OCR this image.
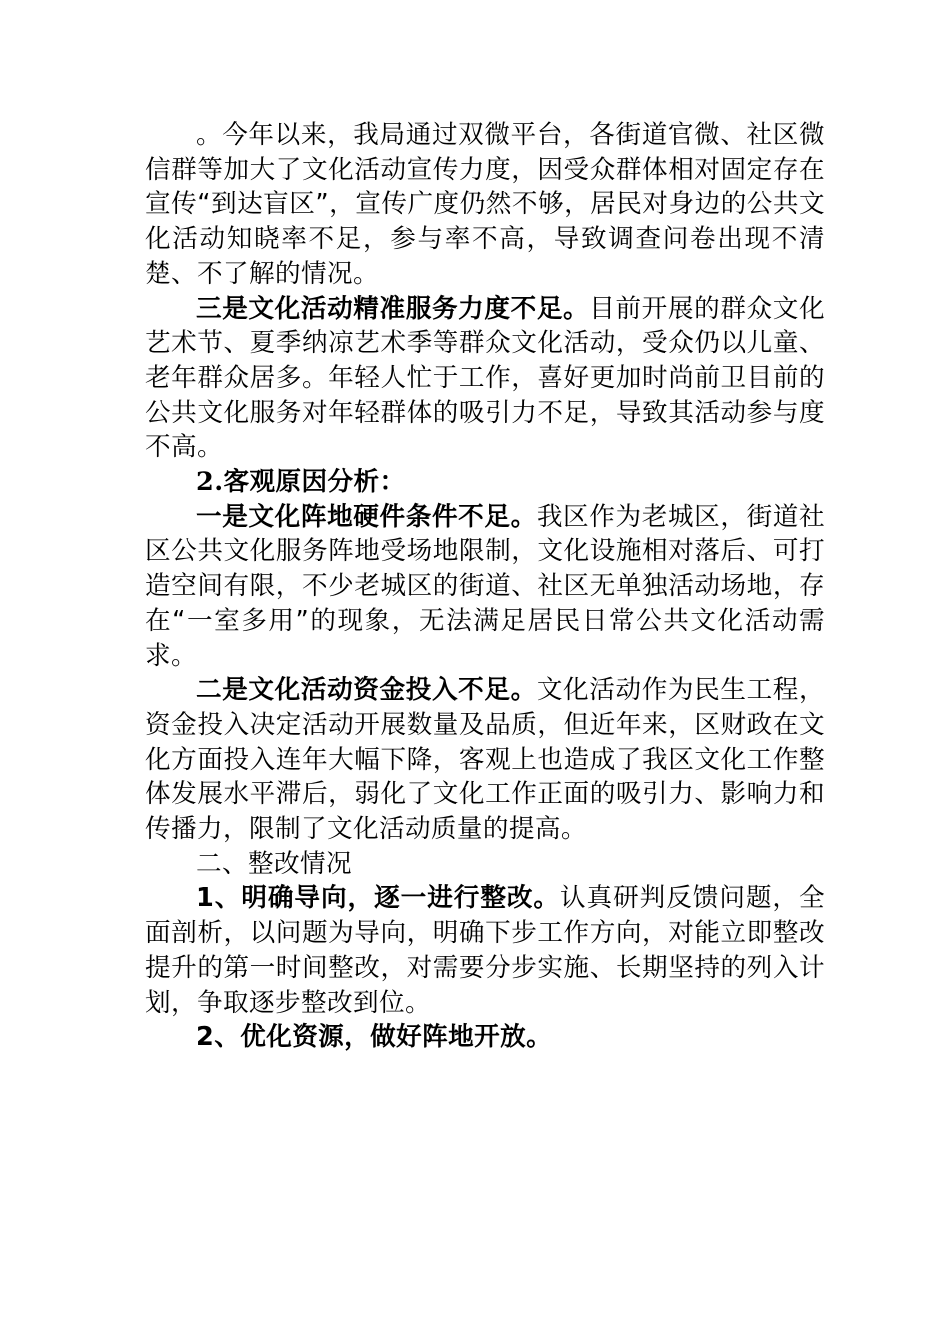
。今年以来，我局通过双微平台，各街道官微、社区微信群等加大了文化活动宣传力度，因受众群体相对固定存在宣传“到达盲区”，宣传广度仍然不够，居民对身边的公共文化活动知晓率不足，参与率不高，导致调查问卷出现不清楚、不了解的情况。

三是文化活动精准服务力度不足。目前开展的群众文化艺术节、夏季纳凉艺术季等群众文化活动，受众仍以儿童、老年群众居多。年轻人忙于工作，喜好更加时尚前卫目前的公共文化服务对年轻群体的吸引力不足，导致其活动参与度不高。

2.客观原因分析：

一是文化阵地硬件条件不足。我区作为老城区，街道社区公共文化服务阵地受场地限制，文化设施相对落后、可打造空间有限，不少老城区的街道、社区无单独活动场地，存在“一室多用”的现象，无法满足居民日常公共文化活动需求。

二是文化活动资金投入不足。文化活动作为民生工程，资金投入决定活动开展数量及品质，但近年来，区财政在文化方面投入连年大幅下降，客观上也造成了我区文化工作整体发展水平滞后，弱化了文化工作正面的吸引力、影响力和传播力，限制了文化活动质量的提高。

二、整改情况

1、明确导向，逐一进行整改。认真研判反馈问题，全面剖析，以问题为导向，明确下步工作方向，对能立即整改提升的第一时间整改，对需要分步实施、长期坚持的列入计划，争取逐步整改到位。

2、优化资源，做好阵地开放。
